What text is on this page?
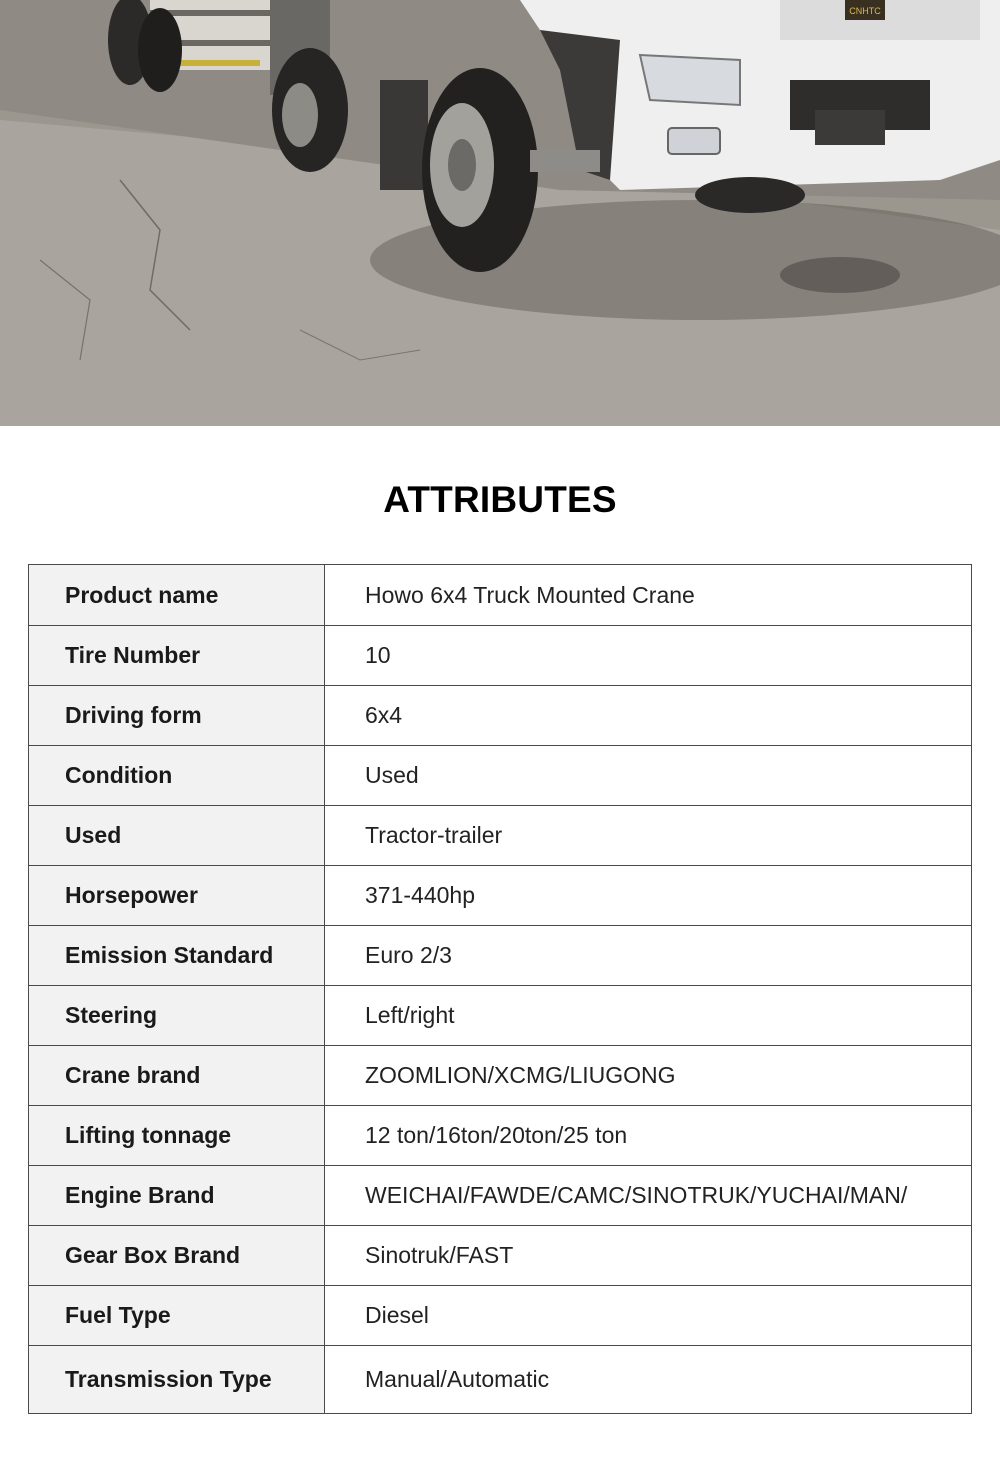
CNHTC
ATTRIBUTES
Product name	Howo 6x4 Truck Mounted Crane
Tire Number	10
Driving form	6x4
Condition	Used
Used	Tractor-trailer
Horsepower	371-440hp
Emission Standard	Euro 2/3
Steering	Left/right
Crane brand	ZOOMLION/XCMG/LIUGONG
Lifting tonnage	12 ton/16ton/20ton/25 ton
Engine Brand	WEICHAI/FAWDE/CAMC/SINOTRUK/YUCHAI/MAN/
Gear Box Brand	Sinotruk/FAST
Fuel Type	Diesel
Transmission Type	Manual/Automatic
